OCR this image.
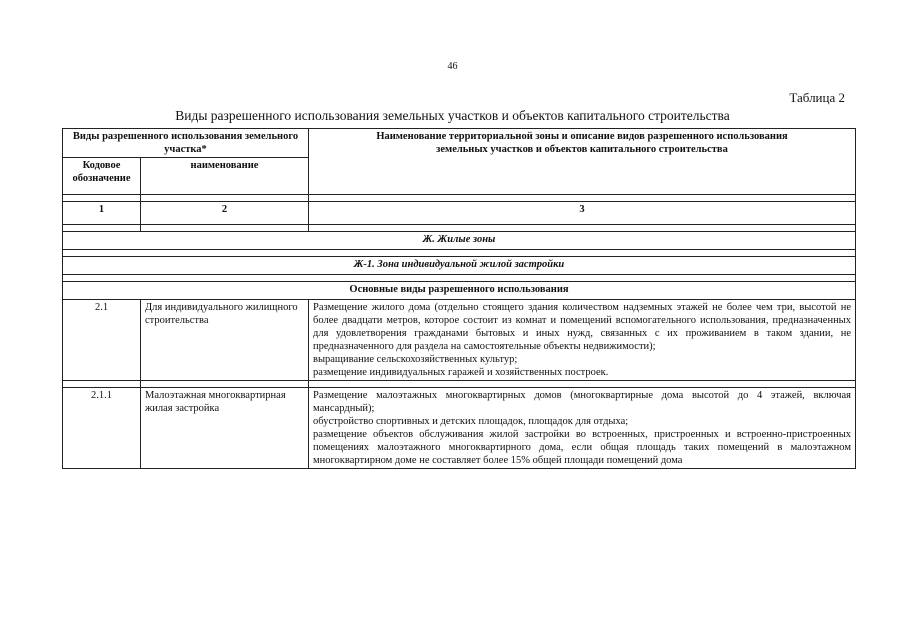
46
Таблица 2
Виды разрешенного использования земельных участков и объектов капитального строительства
Виды разрешенного использования земельного участка*		Наименование территориальной зоны и описание видов разрешенного использования земельных участков и объектов капитального строительства
Кодовое обозначение	наименование	

1	2	3

Ж. Жилые зоны		

Ж-1. Зона индивидуальной жилой застройки		

Основные виды разрешенного использования		
2.1	Для индивидуального жилищного строительства	Размещение жилого дома (отдельно стоящего здания количеством надземных этажей не более чем три, высотой не более двадцати метров, которое состоит из комнат и помещений вспомогательного использования, предназначенных для удовлетворения гражданами бытовых и иных нужд, связанных с их проживанием в таком здании, не предназначенного для раздела на самостоятельные объекты недвижимости);
выращивание сельскохозяйственных культур;
размещение индивидуальных гаражей и хозяйственных построек.

2.1.1	Малоэтажная многоквартирная жилая застройка	Размещение малоэтажных многоквартирных домов (многоквартирные дома высотой до 4 этажей, включая мансардный);
обустройство спортивных и детских площадок, площадок для отдыха;
размещение объектов обслуживания жилой застройки во встроенных, пристроенных и встроенно-пристроенных помещениях малоэтажного многоквартирного дома, если общая площадь таких помещений в малоэтажном многоквартирном доме не составляет более 15% общей площади помещений дома
